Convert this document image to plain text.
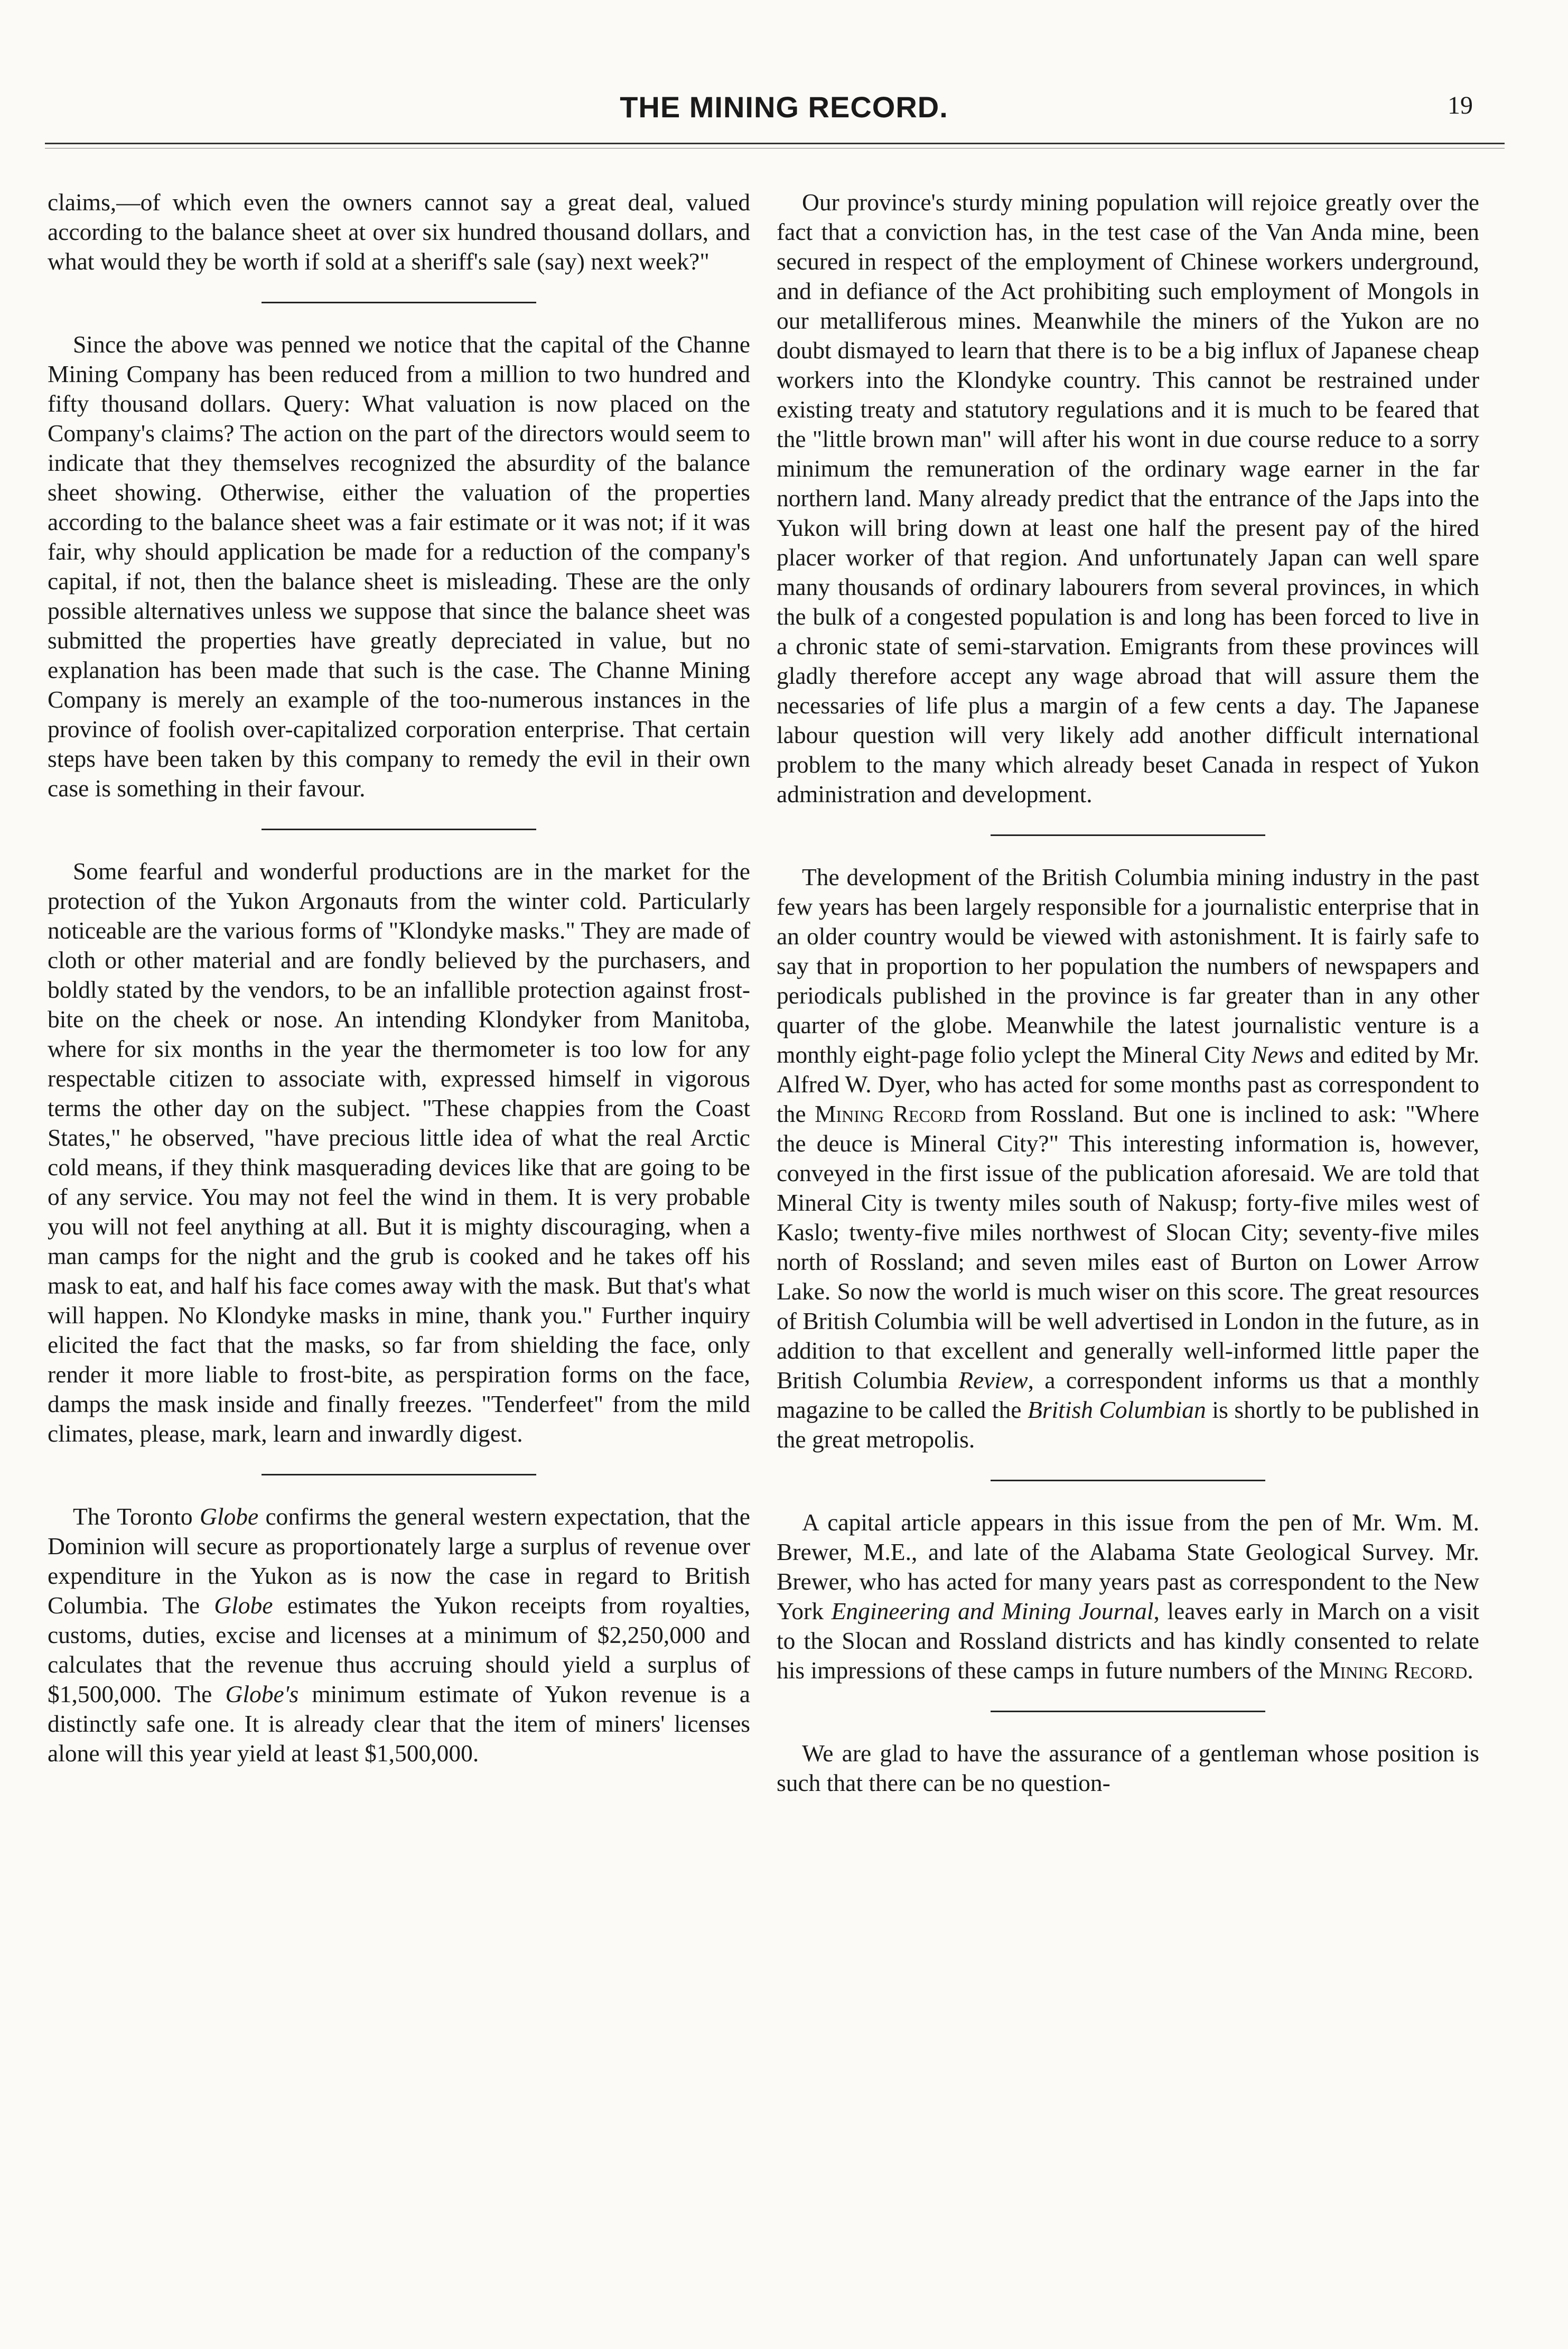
THE MINING RECORD.	19

claims,—of which even the owners cannot say a great deal, valued according to the balance sheet at over six hundred thousand dollars, and what would they be worth if sold at a sheriff's sale (say) next week?"

Since the above was penned we notice that the capital of the Channe Mining Company has been reduced from a million to two hundred and fifty thousand dollars. Query: What valuation is now placed on the Company's claims? The action on the part of the directors would seem to indicate that they themselves recognized the absurdity of the balance sheet showing. Otherwise, either the valuation of the properties according to the balance sheet was a fair estimate or it was not; if it was fair, why should application be made for a reduction of the company's capital, if not, then the balance sheet is misleading. These are the only possible alternatives unless we suppose that since the balance sheet was submitted the properties have greatly depreciated in value, but no explanation has been made that such is the case. The Channe Mining Company is merely an example of the too-numerous instances in the province of foolish over-capitalized corporation enterprise. That certain steps have been taken by this company to remedy the evil in their own case is something in their favour.

Some fearful and wonderful productions are in the market for the protection of the Yukon Argonauts from the winter cold. Particularly noticeable are the various forms of "Klondyke masks." They are made of cloth or other material and are fondly believed by the purchasers, and boldly stated by the vendors, to be an infallible protection against frost-bite on the cheek or nose. An intending Klondyker from Manitoba, where for six months in the year the thermometer is too low for any respectable citizen to associate with, expressed himself in vigorous terms the other day on the subject. "These chappies from the Coast States," he observed, "have precious little idea of what the real Arctic cold means, if they think masquerading devices like that are going to be of any service. You may not feel the wind in them. It is very probable you will not feel anything at all. But it is mighty discouraging, when a man camps for the night and the grub is cooked and he takes off his mask to eat, and half his face comes away with the mask. But that's what will happen. No Klondyke masks in mine, thank you." Further inquiry elicited the fact that the masks, so far from shielding the face, only render it more liable to frost-bite, as perspiration forms on the face, damps the mask inside and finally freezes. "Tenderfeet" from the mild climates, please, mark, learn and inwardly digest.

The Toronto Globe confirms the general western expectation, that the Dominion will secure as proportionately large a surplus of revenue over expenditure in the Yukon as is now the case in regard to British Columbia. The Globe estimates the Yukon receipts from royalties, customs, duties, excise and licenses at a minimum of $2,250,000 and calculates that the revenue thus accruing should yield a surplus of $1,500,000. The Globe's minimum estimate of Yukon revenue is a distinctly safe one. It is already clear that the item of miners' licenses alone will this year yield at least $1,500,000.

Our province's sturdy mining population will rejoice greatly over the fact that a conviction has, in the test case of the Van Anda mine, been secured in respect of the employment of Chinese workers underground, and in defiance of the Act prohibiting such employment of Mongols in our metalliferous mines. Meanwhile the miners of the Yukon are no doubt dismayed to learn that there is to be a big influx of Japanese cheap workers into the Klondyke country. This cannot be restrained under existing treaty and statutory regulations and it is much to be feared that the "little brown man" will after his wont in due course reduce to a sorry minimum the remuneration of the ordinary wage earner in the far northern land. Many already predict that the entrance of the Japs into the Yukon will bring down at least one half the present pay of the hired placer worker of that region. And unfortunately Japan can well spare many thousands of ordinary labourers from several provinces, in which the bulk of a congested population is and long has been forced to live in a chronic state of semi-starvation. Emigrants from these provinces will gladly therefore accept any wage abroad that will assure them the necessaries of life plus a margin of a few cents a day. The Japanese labour question will very likely add another difficult international problem to the many which already beset Canada in respect of Yukon administration and development.

The development of the British Columbia mining industry in the past few years has been largely responsible for a journalistic enterprise that in an older country would be viewed with astonishment. It is fairly safe to say that in proportion to her population the numbers of newspapers and periodicals published in the province is far greater than in any other quarter of the globe. Meanwhile the latest journalistic venture is a monthly eight-page folio yclept the Mineral City News and edited by Mr. Alfred W. Dyer, who has acted for some months past as correspondent to the Mining Record from Rossland. But one is inclined to ask: "Where the deuce is Mineral City?" This interesting information is, however, conveyed in the first issue of the publication aforesaid. We are told that Mineral City is twenty miles south of Nakusp; forty-five miles west of Kaslo; twenty-five miles northwest of Slocan City; seventy-five miles north of Rossland; and seven miles east of Burton on Lower Arrow Lake. So now the world is much wiser on this score. The great resources of British Columbia will be well advertised in London in the future, as in addition to that excellent and generally well-informed little paper the British Columbia Review, a correspondent informs us that a monthly magazine to be called the British Columbian is shortly to be published in the great metropolis.

A capital article appears in this issue from the pen of Mr. Wm. M. Brewer, M.E., and late of the Alabama State Geological Survey. Mr. Brewer, who has acted for many years past as correspondent to the New York Engineering and Mining Journal, leaves early in March on a visit to the Slocan and Rossland districts and has kindly consented to relate his impressions of these camps in future numbers of the Mining Record.

We are glad to have the assurance of a gentleman whose position is such that there can be no question-
